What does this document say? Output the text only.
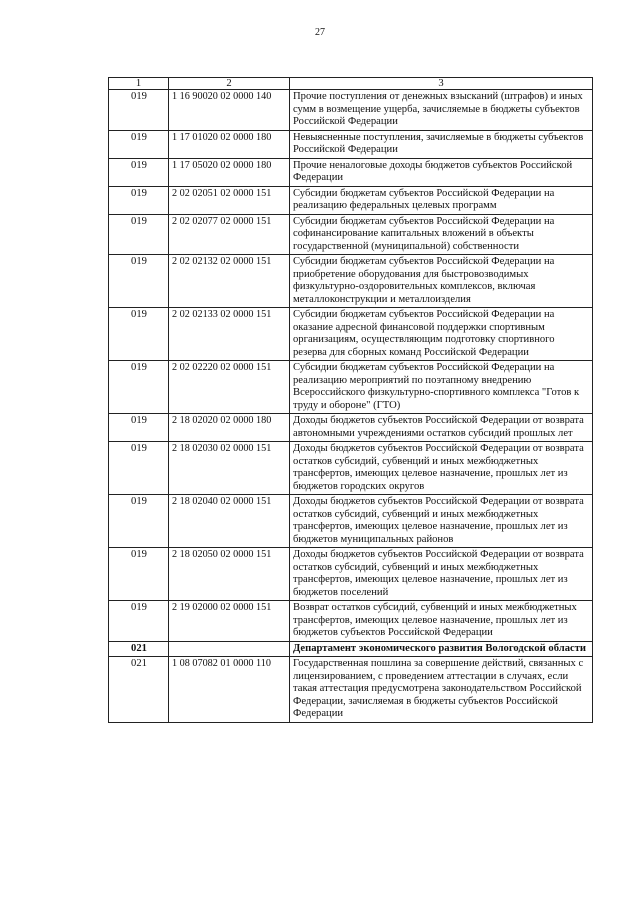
27
1	2	3
019	1 16 90020 02 0000 140	Прочие поступления от денежных взысканий (штрафов) и иных сумм в возмещение ущерба, зачисляемые в бюджеты субъектов Российской Федерации
019	1 17 01020 02 0000 180	Невыясненные поступления, зачисляемые в бюджеты субъектов Российской Федерации
019	1 17 05020 02 0000 180	Прочие неналоговые доходы бюджетов субъектов Российской Федерации
019	2 02 02051 02 0000 151	Субсидии бюджетам субъектов Российской Федерации на реализацию федеральных целевых программ
019	2 02 02077 02 0000 151	Субсидии бюджетам субъектов Российской Федерации на софинансирование капитальных вложений в объекты государственной (муниципальной) собственности
019	2 02 02132 02 0000 151	Субсидии бюджетам субъектов Российской Федерации на приобретение оборудования для быстровозводимых физкультурно-оздоровительных комплексов, включая металлоконструкции и металлоизделия
019	2 02 02133 02 0000 151	Субсидии бюджетам субъектов Российской Федерации на оказание адресной финансовой поддержки спортивным организациям, осуществляющим подготовку спортивного резерва для сборных команд Российской Федерации
019	2 02 02220 02 0000 151	Субсидии бюджетам субъектов Российской Федерации на реализацию мероприятий по поэтапному внедрению Всероссийского физкультурно-спортивного комплекса "Готов к труду и обороне" (ГТО)
019	2 18 02020 02 0000 180	Доходы бюджетов субъектов Российской Федерации от возврата автономными учреждениями остатков субсидий прошлых лет
019	2 18 02030 02 0000 151	Доходы бюджетов субъектов Российской Федерации от возврата остатков субсидий, субвенций и иных межбюджетных трансфертов, имеющих целевое назначение, прошлых лет из бюджетов городских округов
019	2 18 02040 02 0000 151	Доходы бюджетов субъектов Российской Федерации от возврата остатков субсидий, субвенций и иных межбюджетных трансфертов, имеющих целевое назначение, прошлых лет из бюджетов муниципальных районов
019	2 18 02050 02 0000 151	Доходы бюджетов субъектов Российской Федерации от возврата остатков субсидий, субвенций и иных межбюджетных трансфертов, имеющих целевое назначение, прошлых лет из бюджетов поселений
019	2 19 02000 02 0000 151	Возврат остатков субсидий, субвенций и иных межбюджетных трансфертов, имеющих целевое назначение, прошлых лет из бюджетов субъектов Российской Федерации
021		Департамент экономического развития Вологодской области
021	1 08 07082 01 0000 110	Государственная пошлина за совершение действий, связанных с лицензированием, с проведением аттестации в случаях, если такая аттестация предусмотрена законодательством Российской Федерации, зачисляемая в бюджеты субъектов Российской Федерации
